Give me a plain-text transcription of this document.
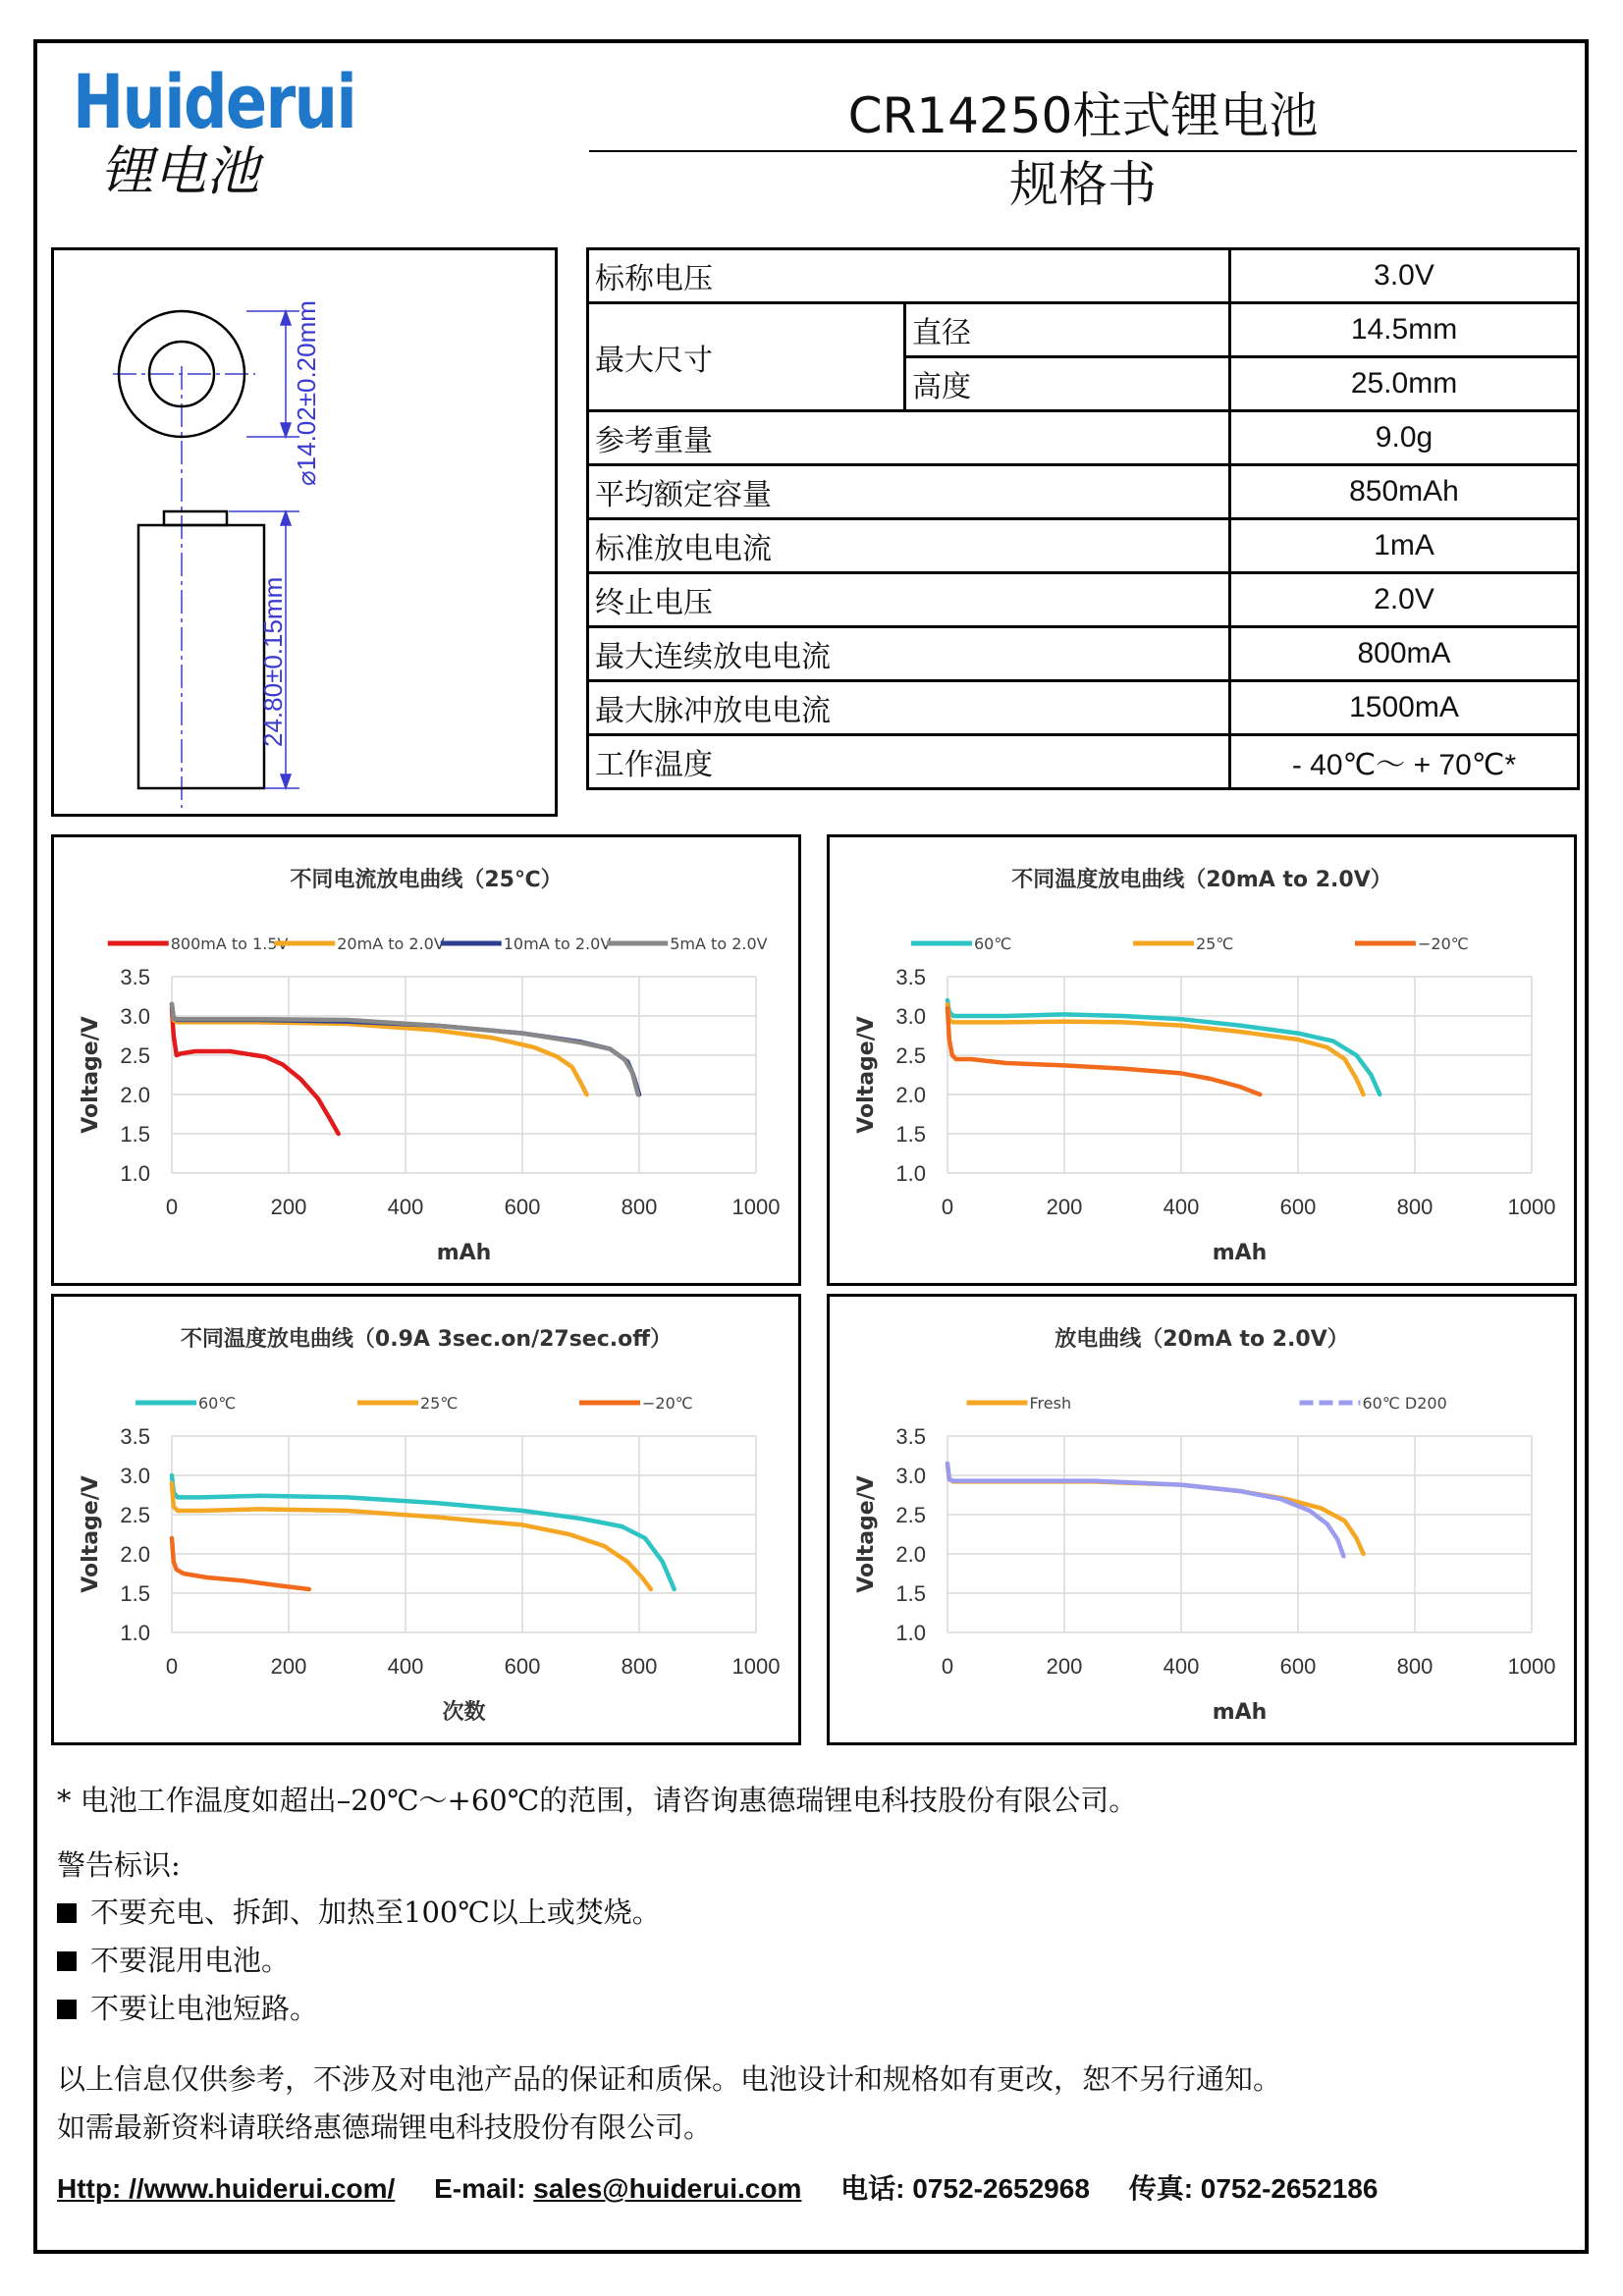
Huiderui
锂电池
CR14250柱式锂电池
规格书
⌀14.02±0.20mm
24.80±0.15mm
标称电压		3.0V
最大尺寸	直径	14.5mm
	高度	25.0mm
参考重量		9.0g
平均额定容量		850mAh
标准放电电流		1mA
终止电压		2.0V
最大连续放电电流		800mA
最大脉冲放电电流		1500mA
工作温度		- 40℃～ + 70℃*
不同电流放电曲线（25℃）
800mA to 1.5V	20mA to 2.0V	10mA to 2.0V	5mA to 2.0V
0	200	400	600	800	1000
3.5
3.0
2.5
2.0
1.5
1.0
mAh
Voltage/V
不同温度放电曲线（20mA to 2.0V）
60℃	25℃	−20℃
0	200	400	600	800	1000
3.5
3.0
2.5
2.0
1.5
1.0
mAh
Voltage/V
不同温度放电曲线（0.9A 3sec.on/27sec.off）
60℃	25℃	−20℃
0	200	400	600	800	1000
3.5
3.0
2.5
2.0
1.5
1.0
次数
Voltage/V
放电曲线（20mA to 2.0V）
Fresh	60℃ D200
0	200	400	600	800	1000
3.5
3.0
2.5
2.0
1.5
1.0
mAh
Voltage/V
* 电池工作温度如超出–20℃～+60℃的范围，请咨询惠德瑞锂电科技股份有限公司。
警告标识:
不要充电、拆卸、加热至100℃以上或焚烧。
不要混用电池。
不要让电池短路。
以上信息仅供参考，不涉及对电池产品的保证和质保。电池设计和规格如有更改，恕不另行通知。
如需最新资料请联络惠德瑞锂电科技股份有限公司。
Http: //www.huiderui.com/ E-mail: sales@huiderui.com 电话: 0752-2652968 传真: 0752-2652186
